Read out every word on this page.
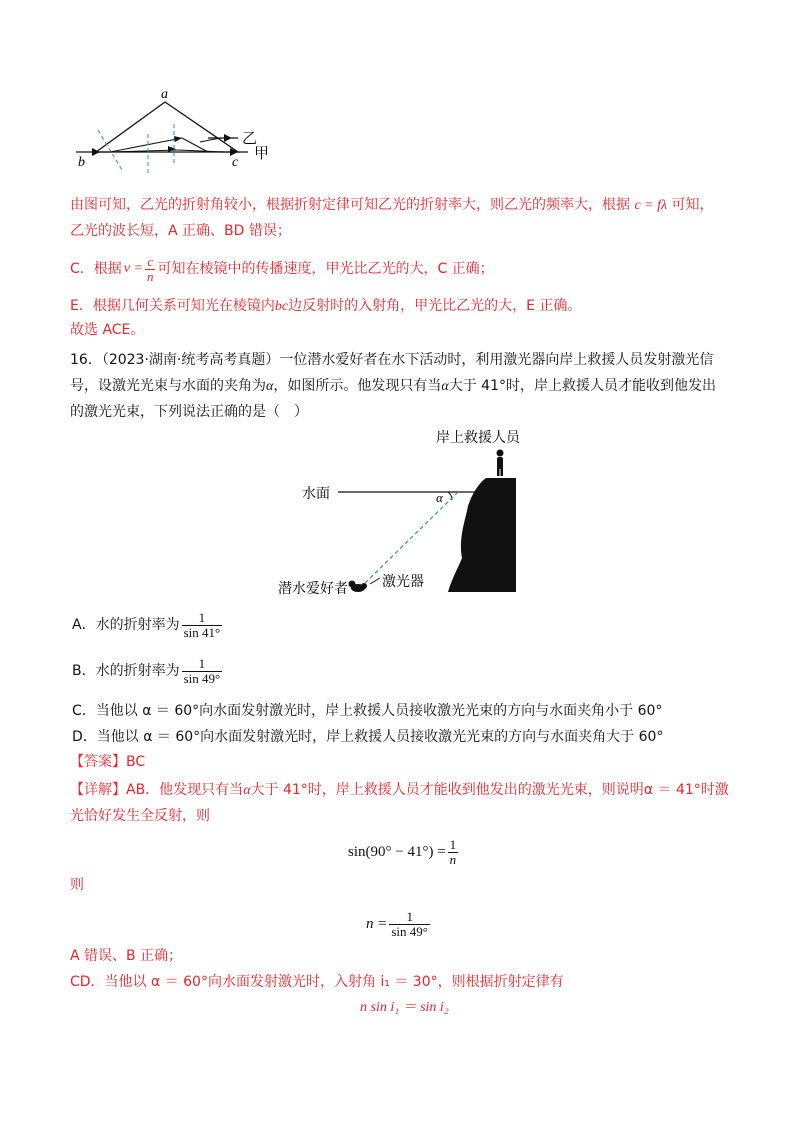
a
b	c
乙
甲
由图可知，乙光的折射角较小，根据折射定律可知乙光的折射率大，则乙光的频率大，根据 c = fλ 可知，
乙光的波长短，A 正确、BD 错误；
C．根据 $v = \frac{c}{n}$ 可知在棱镜中的传播速度，甲光比乙光的大，C 正确；
E．根据几何关系可知光在棱镜内bc边反射时的入射角，甲光比乙光的大，E 正确。
故选 ACE。
16．（2023·湖南·统考高考真题）一位潜水爱好者在水下活动时，利用激光器向岸上救援人员发射激光信
号，设激光光束与水面的夹角为α，如图所示。他发现只有当α大于 41°时，岸上救援人员才能收到他发出
的激光光束，下列说法正确的是（　）
岸上救援人员
水面	α
潜水爱好者 激光器
A．水的折射率为 $\frac{1}{\sin 41^\circ}$
B．水的折射率为 $\frac{1}{\sin 49^\circ}$
C．当他以 α ＝ 60°向水面发射激光时，岸上救援人员接收激光光束的方向与水面夹角小于 60°
D．当他以 α ＝ 60°向水面发射激光时，岸上救援人员接收激光光束的方向与水面夹角大于 60°
【答案】BC
【详解】AB．他发现只有当α大于 41°时，岸上救援人员才能收到他发出的激光光束，则说明α ＝ 41°时激
光恰好发生全反射，则
$\sin(90^\circ - 41^\circ) = \frac{1}{n}$
则
$n = \frac{1}{\sin 49^\circ}$
A 错误、B 正确；
CD．当他以 α ＝ 60°向水面发射激光时，入射角 i₁ ＝ 30°，则根据折射定律有
n sin i₁ ＝ sin i₂
